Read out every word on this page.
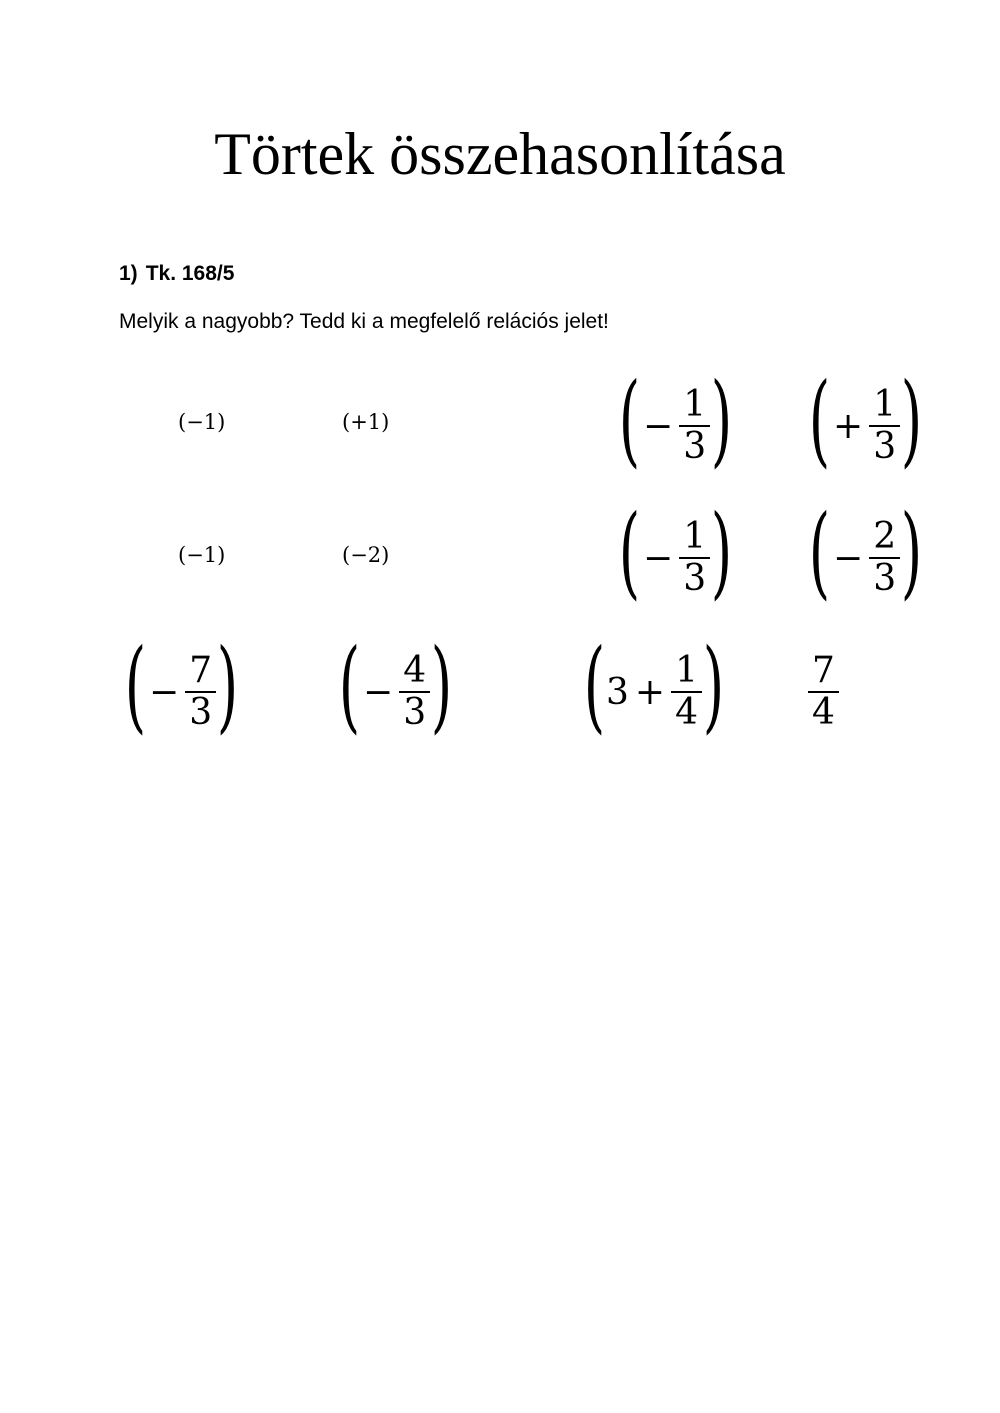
Törtek összehasonlítása
1) Tk. 168/5
Melyik a nagyobb? Tedd ki a megfelelő relációs jelet!
(−1)	(+1)
(−1)	(−2)
( − $\frac{1}{3}$ ) ( + $\frac{1}{3}$ )
( − $\frac{1}{3}$ ) ( − $\frac{2}{3}$ )
( − $\frac{7}{3}$ ) ( − $\frac{4}{3}$ ) ( $3 + \frac{1}{4}$ ) $\frac{7}{4}$
